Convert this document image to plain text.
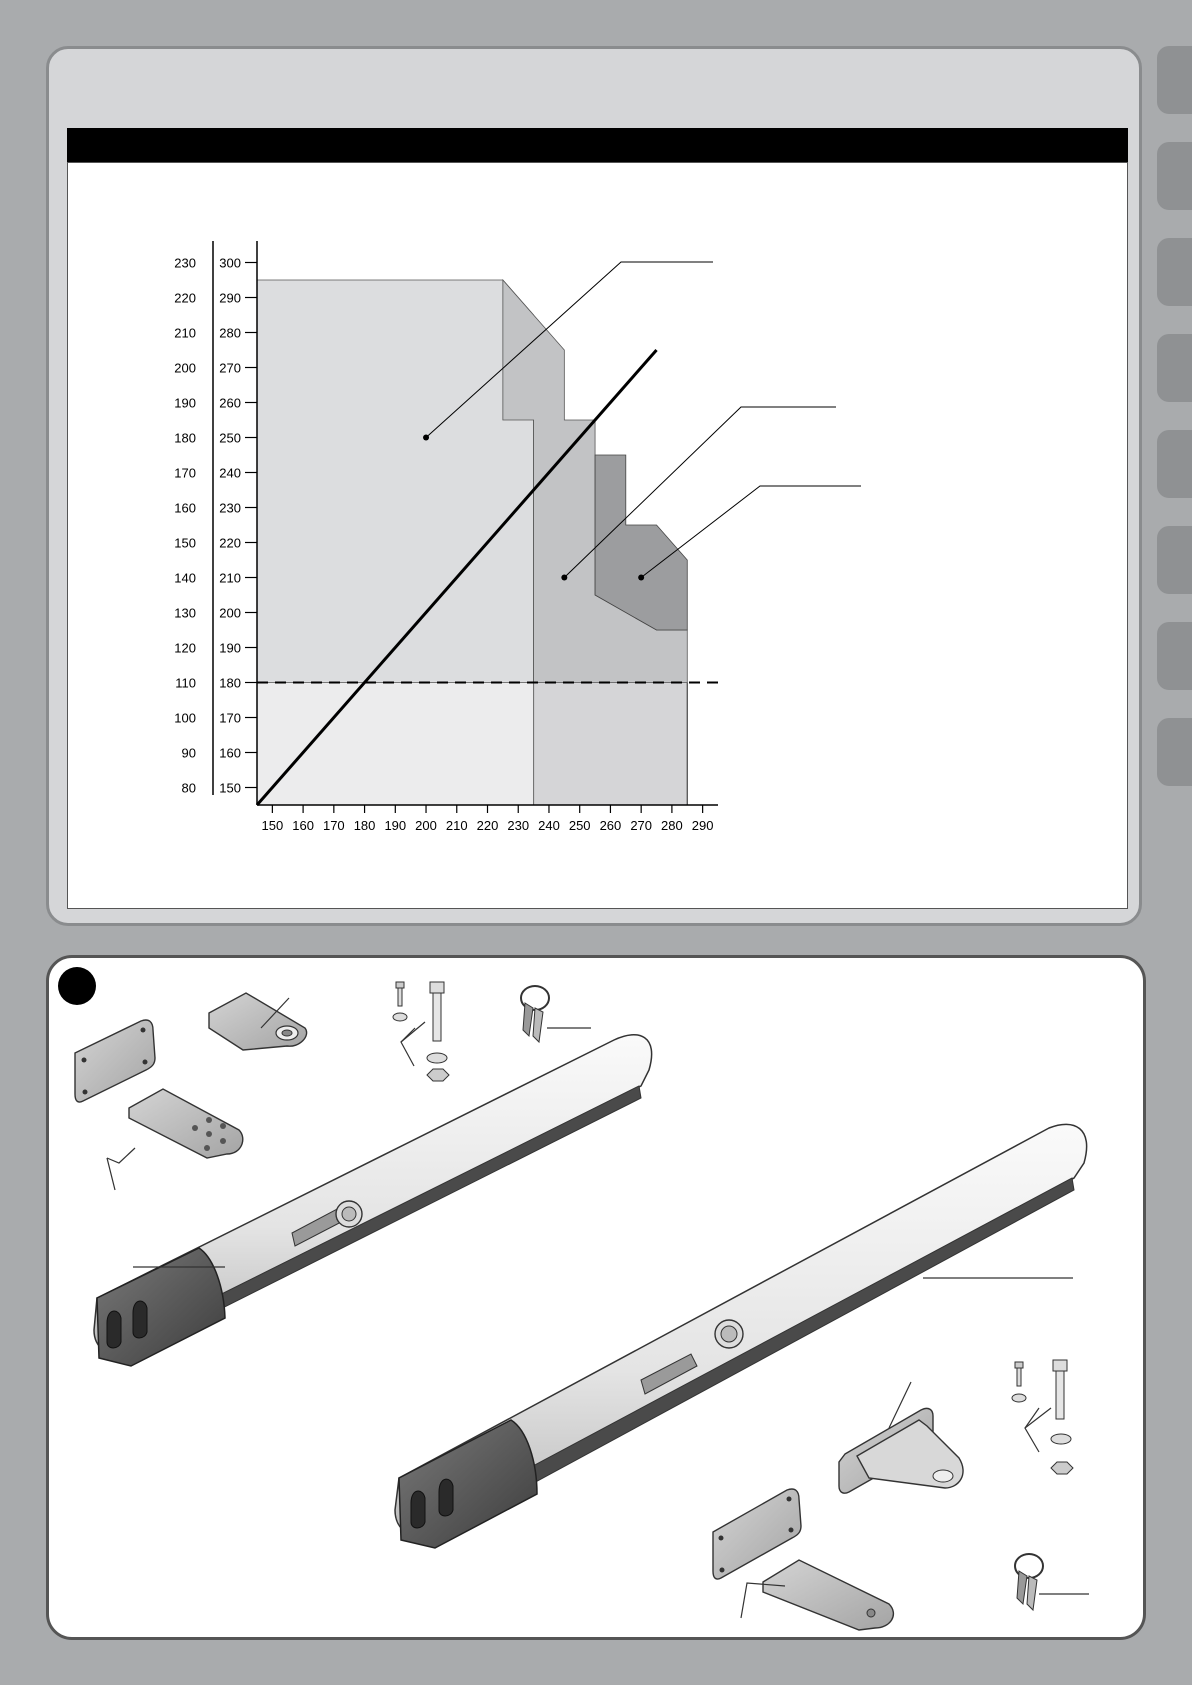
150 160 170 180 190 200 210 220 230 240 250 260 270 280 290
150
80
160
90
170
100
180
110
190
120
200
130
210
140
220
150
230
160
240
170
250
180
260
190
270
200
280
210
290
220
300
230
